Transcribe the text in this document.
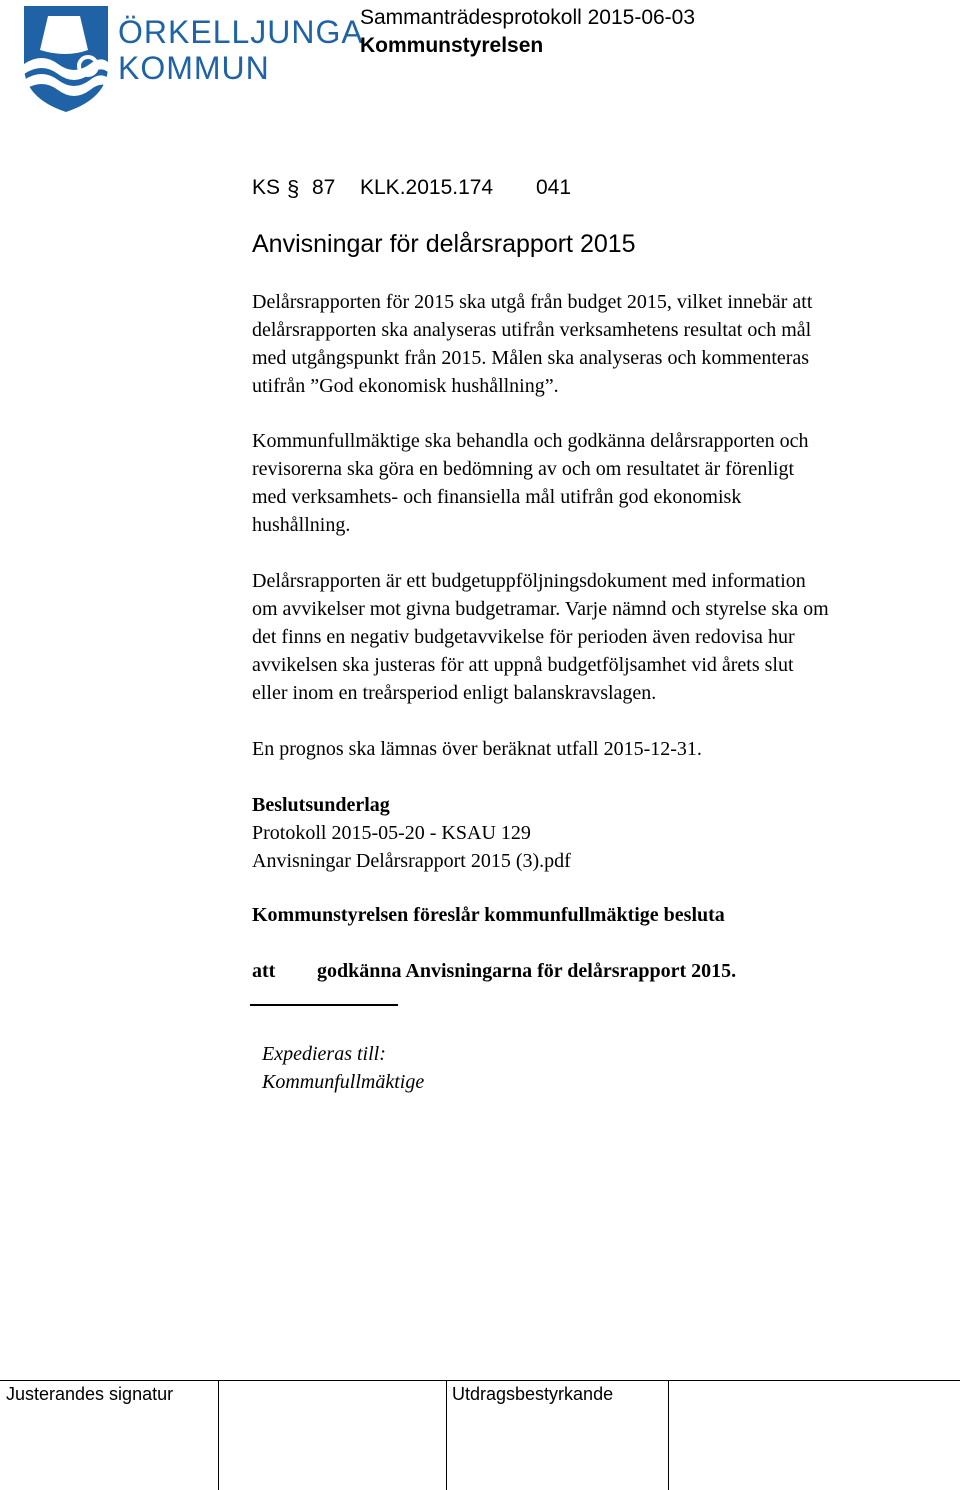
ÖRKELLJUNGA
KOMMUN
Sammanträdesprotokoll 2015-06-03
Kommunstyrelsen
KS § 87 KLK.2015.174 041
Anvisningar för delårsrapport 2015
Delårsrapporten för 2015 ska utgå från budget 2015, vilket innebär att
delårsrapporten ska analyseras utifrån verksamhetens resultat och mål
med utgångspunkt från 2015. Målen ska analyseras och kommenteras
utifrån ”God ekonomisk hushållning”.
Kommunfullmäktige ska behandla och godkänna delårsrapporten och
revisorerna ska göra en bedömning av och om resultatet är förenligt
med verksamhets- och finansiella mål utifrån god ekonomisk
hushållning.
Delårsrapporten är ett budgetuppföljningsdokument med information
om avvikelser mot givna budgetramar. Varje nämnd och styrelse ska om
det finns en negativ budgetavvikelse för perioden även redovisa hur
avvikelsen ska justeras för att uppnå budgetföljsamhet vid årets slut
eller inom en treårsperiod enligt balanskravslagen.
En prognos ska lämnas över beräknat utfall 2015-12-31.
Beslutsunderlag
Protokoll 2015-05-20 - KSAU 129
Anvisningar Delårsrapport 2015 (3).pdf
Kommunstyrelsen föreslår kommunfullmäktige besluta
att	godkänna Anvisningarna för delårsrapport 2015.
Expedieras till:
Kommunfullmäktige
Justerandes signatur	Utdragsbestyrkande
